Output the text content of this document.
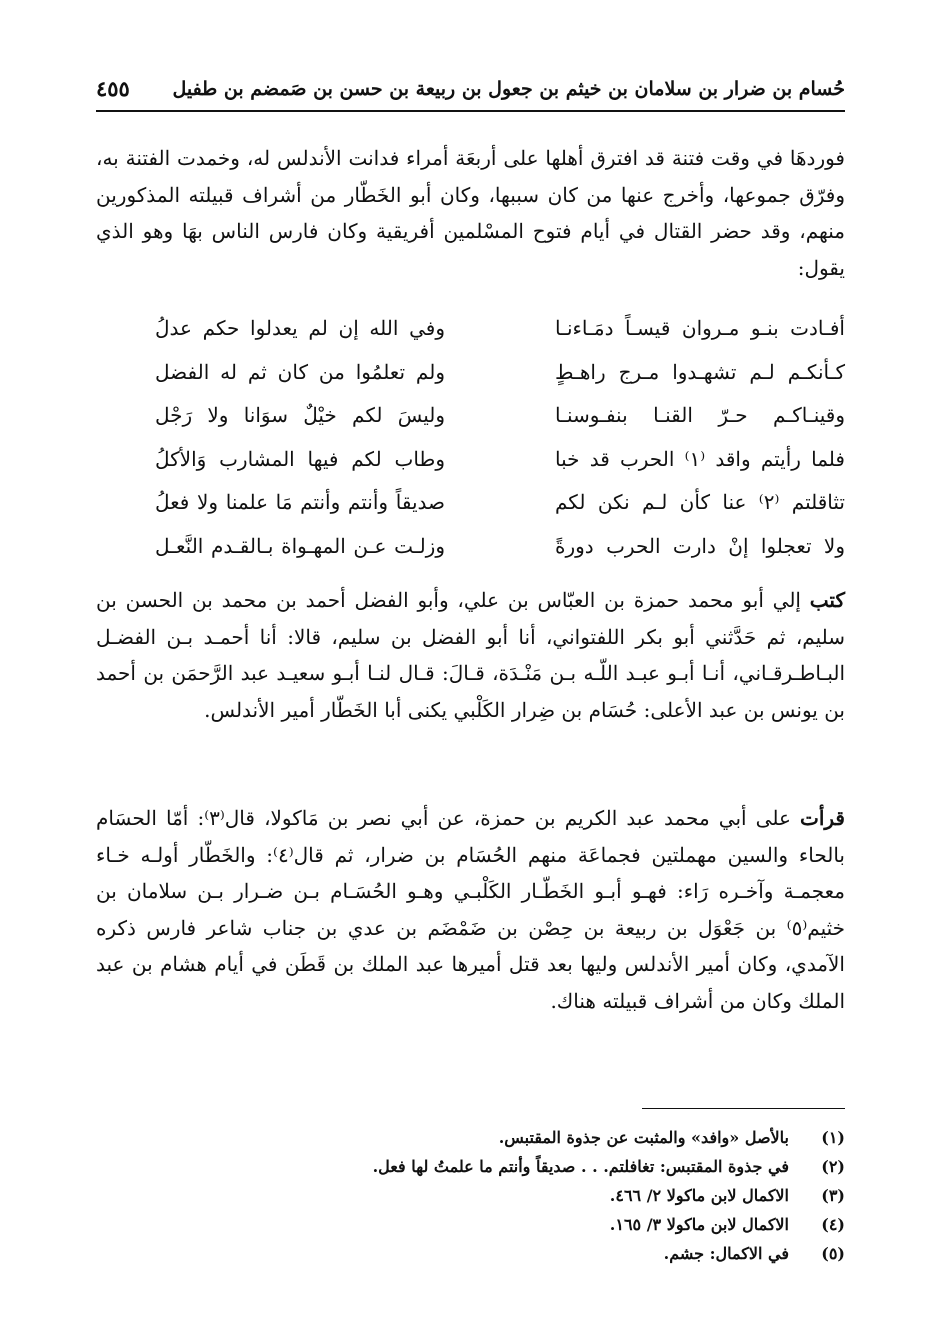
حُسام بن ضرار بن سلامان بن خيثم بن جعول بن ربيعة بن حسن بن صَمضم بن طفيل
٤٥٥

فوردهَا في وقت فتنة قد افترق أهلها على أربعَة أمراء فدانت الأندلس له، وخمدت الفتنة به، وفرّق جموعها، وأخرج عنها من كان سببها، وكان أبو الخَطّار من أشراف قبيلته المذكورين منهم، وقد حضر القتال في أيام فتوح المسْلمين أفريقية وكان فارس الناس بهَا وهو الذي يقول:

أفـادت بنـو مـروان قيسـاً دمَـاءنـا
وفي الله إن لم يعدلوا حكم عدلُ
كـأنكـم لـم تشهـدوا مـرج راهـطٍ
ولم تعلمُوا من كان ثم له الفضل
وقينـاكـم حـرّ القنـا بنفـوسنـا
وليسَ لكم خيْلٌ سوَانا ولا رَجْل
فلما رأيتم واقد ⁽١⁾ الحرب قد خبا
وطاب لكم فيها المشارب وَالأكلُ
تثاقلتم ⁽٢⁾ عنا كأن لـم نكن لكم
صديقاً وأنتم وأنتم مَا علمنا ولا فعلُ
ولا تعجلوا إنْ دارت الحرب دورةً
وزلـت عـن المهـواة بـالقـدم النَّعـل

كتب إلي أبو محمد حمزة بن العبّاس بن علي، وأبو الفضل أحمد بن محمد بن الحسن بن سليم، ثم حَدَّثني أبو بكر اللفتواني، أنا أبو الفضل بن سليم، قالا: أنا أحمـد بـن الفضـل البـاطـرقـاني، أنـا أبـو عبـد اللّـه بـن مَنْـدَة، قـالَ: قـال لنـا أبـو سعيـد عبد الرَّحمَن بن أحمد بن يونس بن عبد الأعلى: حُسَام بن ضِرار الكَلْبي يكنى أبا الخَطّار أمير الأندلس.

قرأت على أبي محمد عبد الكريم بن حمزة، عن أبي نصر بن مَاكولا، قال⁽٣⁾: أمّا الحسَام بالحاء والسين مهملتين فجماعَة منهم الحُسَام بن ضرار، ثم قال⁽٤⁾: والخَطّار أولـه خـاء معجمـة وآخـره رَاء: فهـو أبـو الخَطّـار الكَلْبـي وهـو الحُسَـام بـن ضـرار بـن سلامان بن خثيم⁽٥⁾ بن جَعْوَل بن ربيعة بن حِصْن بن ضَمْضَم بن عدي بن جناب شاعر فارس ذكره الآمدي، وكان أمير الأندلس وليها بعد قتل أميرها عبد الملك بن قَطَن في أيام هشام بن عبد الملك وكان من أشراف قبيلته هناك.

(١)
بالأصل «وافد» والمثبت عن جذوة المقتبس.
(٢)
في جذوة المقتبس: تغافلتم. . . صديقاً وأنتم ما علمتُ لها فعل.
(٣)
الاكمال لابن ماكولا ٢/ ٤٦٦.
(٤)
الاكمال لابن ماكولا ٣/ ١٦٥.
(٥)
في الاكمال: جشم.
